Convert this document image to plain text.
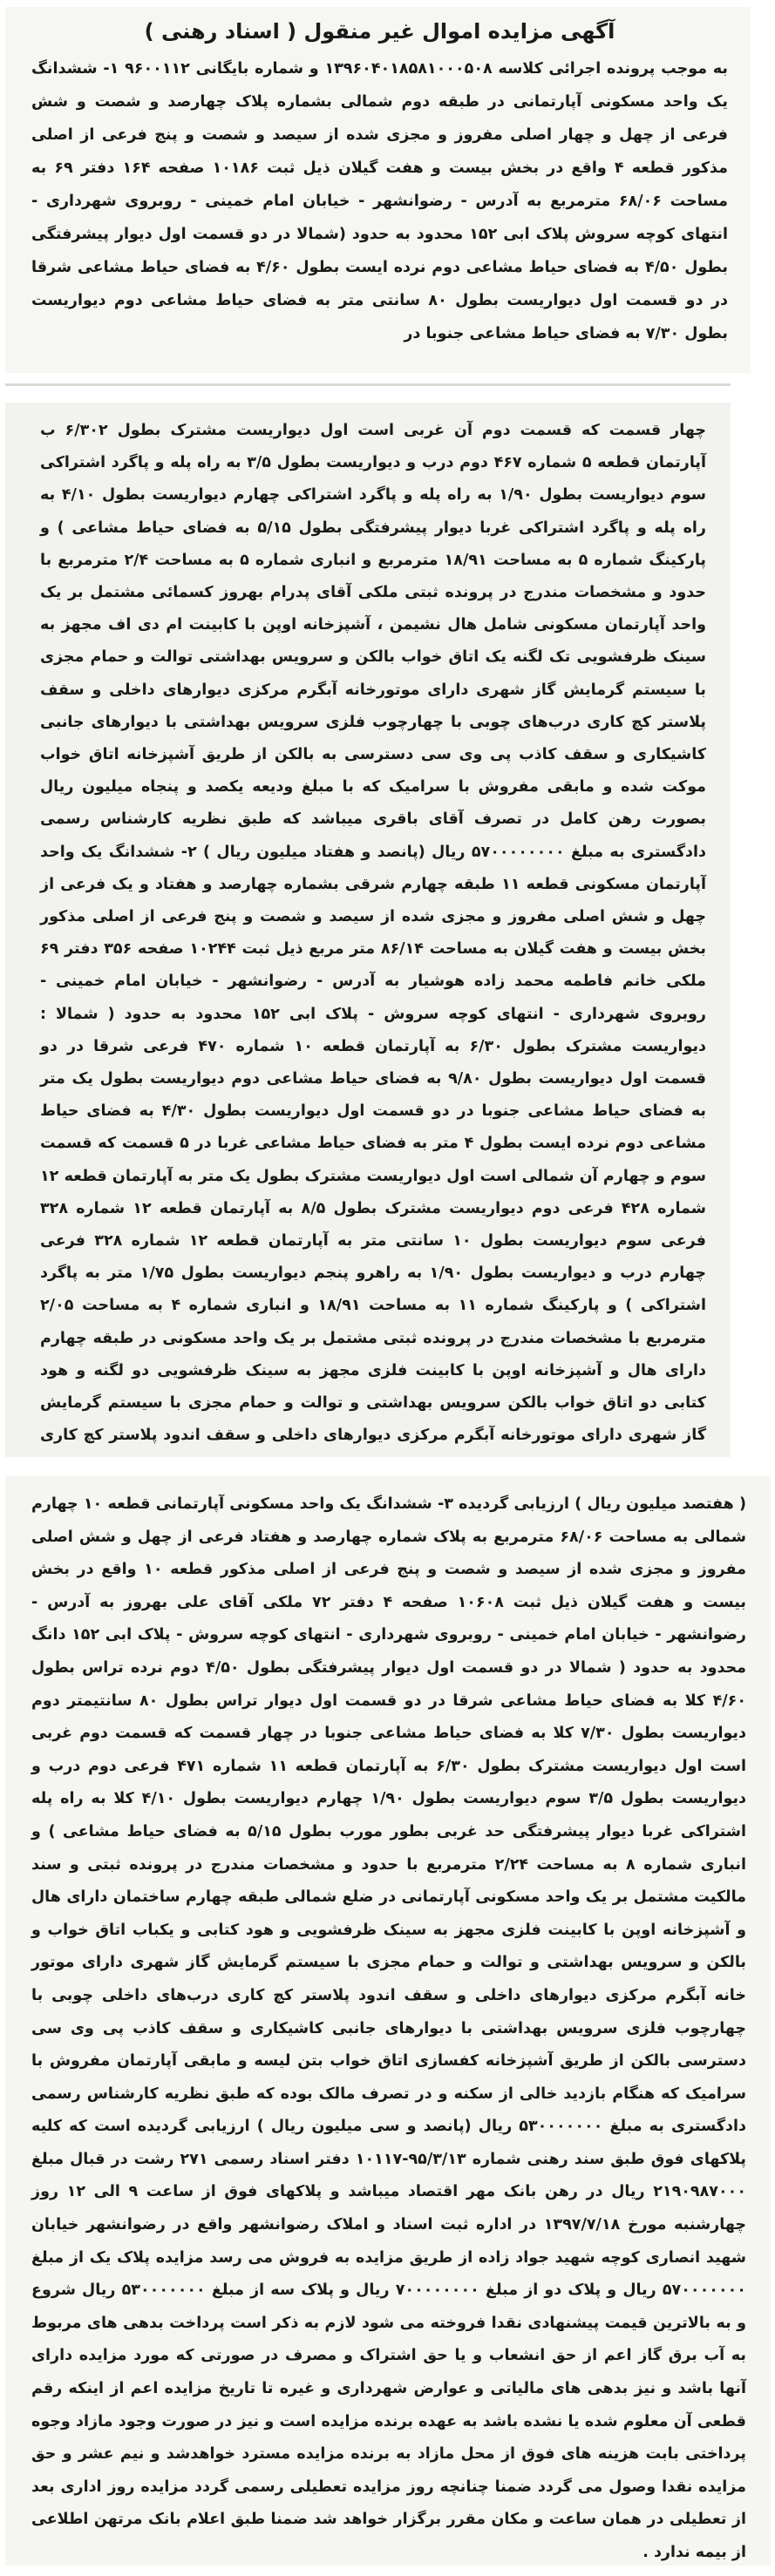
آگهی مزایده اموال غیر منقول ( اسناد رهنی )

به موجب پرونده اجرائی کلاسه ۱۳۹۶۰۴۰۱۸۵۸۱۰۰۰۵۰۸ و شماره بایگانی ۹۶۰۰۱۱۲ ۱- ششدانگ یک واحد مسکونی آپارتمانی در طبقه دوم شمالی بشماره پلاک چهارصد و شصت و شش فرعی از چهل و چهار اصلی مفروز و مجزی شده از سیصد و شصت و پنج فرعی از اصلی مذکور قطعه ۴ واقع در بخش بیست و هفت گیلان ذیل ثبت ۱۰۱۸۶ صفحه ۱۶۴ دفتر ۶۹ به مساحت ۶۸/۰۶ مترمربع به آدرس - رضوانشهر - خیابان امام خمینی - روبروی شهرداری - انتهای کوچه سروش پلاک ابی ۱۵۲ محدود به حدود (شمالا در دو قسمت اول دیوار پیشرفتگی بطول ۴/۵۰ به فضای حیاط مشاعی دوم نرده ایست بطول ۴/۶۰ به فضای حیاط مشاعی شرقا در دو قسمت اول دیواریست بطول ۸۰ سانتی متر به فضای حیاط مشاعی دوم دیواریست بطول ۷/۳۰ به فضای حیاط مشاعی جنوبا در

چهار قسمت که قسمت دوم آن غربی است اول دیواریست مشترک بطول ۶/۳۰۲ ب آپارتمان قطعه ۵ شماره ۴۶۷ دوم درب و دیواریست بطول ۳/۵ به راه پله و پاگرد اشتراکی سوم دیواریست بطول ۱/۹۰ به راه پله و پاگرد اشتراکی چهارم دیواریست بطول ۴/۱۰ به راه پله و پاگرد اشتراکی غربا دیوار پیشرفتگی بطول ۵/۱۵ به فضای حیاط مشاعی ) و پارکینگ شماره ۵ به مساحت ۱۸/۹۱ مترمربع و انباری شماره ۵ به مساحت ۲/۴ مترمربع با حدود و مشخصات مندرج در پرونده ثبتی ملکی آقای پدرام بهروز کسمائی مشتمل بر یک واحد آپارتمان مسکونی شامل هال نشیمن ، آشپزخانه اوپن با کابینت ام دی اف مجهز به سینک ظرفشویی تک لگنه یک اتاق خواب بالکن و سرویس بهداشتی توالت و حمام مجزی با سیستم گرمایش گاز شهری دارای موتورخانه آبگرم مرکزی دیوارهای داخلی و سقف پلاستر کچ کاری درب‌های چوبی با چهارچوب فلزی سرویس بهداشتی با دیوارهای جانبی کاشیکاری و سقف کاذب پی وی سی دسترسی به بالکن از طریق آشپزخانه اتاق خواب موکت شده و مابقی مفروش با سرامیک که با مبلغ ودیعه یکصد و پنجاه میلیون ریال بصورت رهن کامل در تصرف آقای باقری میباشد که طبق نظریه کارشناس رسمی دادگستری به مبلغ ۵۷۰۰۰۰۰۰۰۰ ریال (پانصد و هفتاد میلیون ریال ) ۲- ششدانگ یک واحد آپارتمان مسکونی قطعه ۱۱ طبقه چهارم شرقی بشماره چهارصد و هفتاد و یک فرعی از چهل و شش اصلی مفروز و مجزی شده از سیصد و شصت و پنج فرعی از اصلی مذکور بخش بیست و هفت گیلان به مساحت ۸۶/۱۴ متر مربع ذیل ثبت ۱۰۲۴۴ صفحه ۳۵۶ دفتر ۶۹ ملکی خانم فاطمه محمد زاده هوشیار به آدرس - رضوانشهر - خیابان امام خمینی - روبروی شهرداری - انتهای کوچه سروش - پلاک ابی ۱۵۲ محدود به حدود ( شمالا : دیواریست مشترک بطول ۶/۳۰ به آپارتمان قطعه ۱۰ شماره ۴۷۰ فرعی شرقا در دو قسمت اول دیواریست بطول ۹/۸۰ به فضای حیاط مشاعی دوم دیواریست بطول یک متر به فضای حیاط مشاعی جنوبا در دو قسمت اول دیواریست بطول ۴/۳۰ به فضای حیاط مشاعی دوم نرده ایست بطول ۴ متر به فضای حیاط مشاعی غربا در ۵ قسمت که قسمت سوم و چهارم آن شمالی است اول دیواریست مشترک بطول یک متر به آپارتمان قطعه ۱۲ شماره ۴۲۸ فرعی دوم دیواریست مشترک بطول ۸/۵ به آپارتمان قطعه ۱۲ شماره ۳۲۸ فرعی سوم دیواریست بطول ۱۰ سانتی متر به آپارتمان قطعه ۱۲ شماره ۳۲۸ فرعی چهارم درب و دیواریست بطول ۱/۹۰ به راهرو پنجم دیواریست بطول ۱/۷۵ متر به پاگرد اشتراکی ) و پارکینگ شماره ۱۱ به مساحت ۱۸/۹۱ و انباری شماره ۴ به مساحت ۲/۰۵ مترمربع با مشخصات مندرج در پرونده ثبتی مشتمل بر یک واحد مسکونی در طبقه چهارم دارای هال و آشپزخانه اوپن با کابینت فلزی مجهز به سینک ظرفشویی دو لگنه و هود کتابی دو اتاق خواب بالکن سرویس بهداشتی و توالت و حمام مجزی با سیستم گرمایش گاز شهری دارای موتورخانه آبگرم مرکزی دیوارهای داخلی و سقف اندود پلاستر کچ کاری

( هفتصد میلیون ریال ) ارزیابی گردیده ۳- ششدانگ یک واحد مسکونی آپارتمانی قطعه ۱۰ چهارم شمالی به مساحت ۶۸/۰۶ مترمربع به پلاک شماره چهارصد و هفتاد فرعی از چهل و شش اصلی مفروز و مجزی شده از سیصد و شصت و پنج فرعی از اصلی مذکور قطعه ۱۰ واقع در بخش بیست و هفت گیلان ذیل ثبت ۱۰۶۰۸ صفحه ۴ دفتر ۷۲ ملکی آقای علی بهروز به آدرس - رضوانشهر - خیابان امام خمینی - روبروی شهرداری - انتهای کوچه سروش - پلاک ابی ۱۵۲ دانگ محدود به حدود ( شمالا در دو قسمت اول دیوار پیشرفتگی بطول ۴/۵۰ دوم نرده تراس بطول ۴/۶۰ کلا به فضای حیاط مشاعی شرقا در دو قسمت اول دیوار تراس بطول ۸۰ سانتیمتر دوم دیواریست بطول ۷/۳۰ کلا به فضای حیاط مشاعی جنوبا در چهار قسمت که قسمت دوم غربی است اول دیواریست مشترک بطول ۶/۳۰ به آپارتمان قطعه ۱۱ شماره ۴۷۱ فرعی دوم درب و دیواریست بطول ۳/۵ سوم دیواریست بطول ۱/۹۰ چهارم دیواریست بطول ۴/۱۰ کلا به راه پله اشتراکی غربا دیوار پیشرفتگی حد غربی بطور مورب بطول ۵/۱۵ به فضای حیاط مشاعی ) و انباری شماره ۸ به مساحت ۲/۲۴ مترمربع با حدود و مشخصات مندرج در پرونده ثبتی و سند مالکیت مشتمل بر یک واحد مسکونی آپارتمانی در ضلع شمالی طبقه چهارم ساختمان دارای هال و آشپزخانه اوپن با کابینت فلزی مجهز به سینک ظرفشویی و هود کتابی و یکباب اتاق خواب و بالکن و سرویس بهداشتی و توالت و حمام مجزی با سیستم گرمایش گاز شهری دارای موتور خانه آبگرم مرکزی دیوارهای داخلی و سقف اندود پلاستر کچ کاری درب‌های داخلی چوبی با چهارچوب فلزی سرویس بهداشتی با دیوارهای جانبی کاشیکاری و سقف کاذب پی وی سی دسترسی بالکن از طریق آشپزخانه کفسازی اتاق خواب بتن لیسه و مابقی آپارتمان مفروش با سرامیک که هنگام بازدید خالی از سکنه و در تصرف مالک بوده که طبق نظریه کارشناس رسمی دادگستری به مبلغ ۵۳۰۰۰۰۰۰۰ ریال (پانصد و سی میلیون ریال ) ارزیابی گردیده است که کلیه پلاکهای فوق طبق سند رهنی شماره ۹۵/۳/۱۳-۱۰۱۱۷ دفتر اسناد رسمی ۲۷۱ رشت در قبال مبلغ ۲۱۹۰۹۸۷۰۰۰ ریال در رهن بانک مهر اقتصاد میباشد و پلاکهای فوق از ساعت ۹ الی ۱۲ روز چهارشنبه مورخ ۱۳۹۷/۷/۱۸ در اداره ثبت اسناد و املاک رضوانشهر واقع در رضوانشهر خیابان شهید انصاری کوچه شهید جواد زاده از طریق مزایده به فروش می رسد مزایده پلاک یک از مبلغ ۵۷۰۰۰۰۰۰۰ ریال و پلاک دو از مبلغ ۷۰۰۰۰۰۰۰۰ ریال و پلاک سه از مبلغ ۵۳۰۰۰۰۰۰۰ ریال شروع و به بالاترین قیمت پیشنهادی نقدا فروخته می شود لازم به ذکر است پرداخت بدهی های مربوط به آب برق گاز اعم از حق انشعاب و یا حق اشتراک و مصرف در صورتی که مورد مزایده دارای آنها باشد و نیز بدهی های مالیاتی و عوارض شهرداری و غیره تا تاریخ مزایده اعم از اینکه رقم قطعی آن معلوم شده یا نشده باشد به عهده برنده مزایده است و نیز در صورت وجود مازاد وجوه پرداختی بابت هزینه های فوق از محل مازاد به برنده مزایده مسترد خواهدشد و نیم عشر و حق مزایده نقدا وصول می گردد ضمنا چنانچه روز مزایده تعطیلی رسمی گردد مزایده روز اداری بعد از تعطیلی در همان ساعت و مکان مقرر برگزار خواهد شد ضمنا طبق اعلام بانک مرتهن اطلاعی از بیمه ندارد .
